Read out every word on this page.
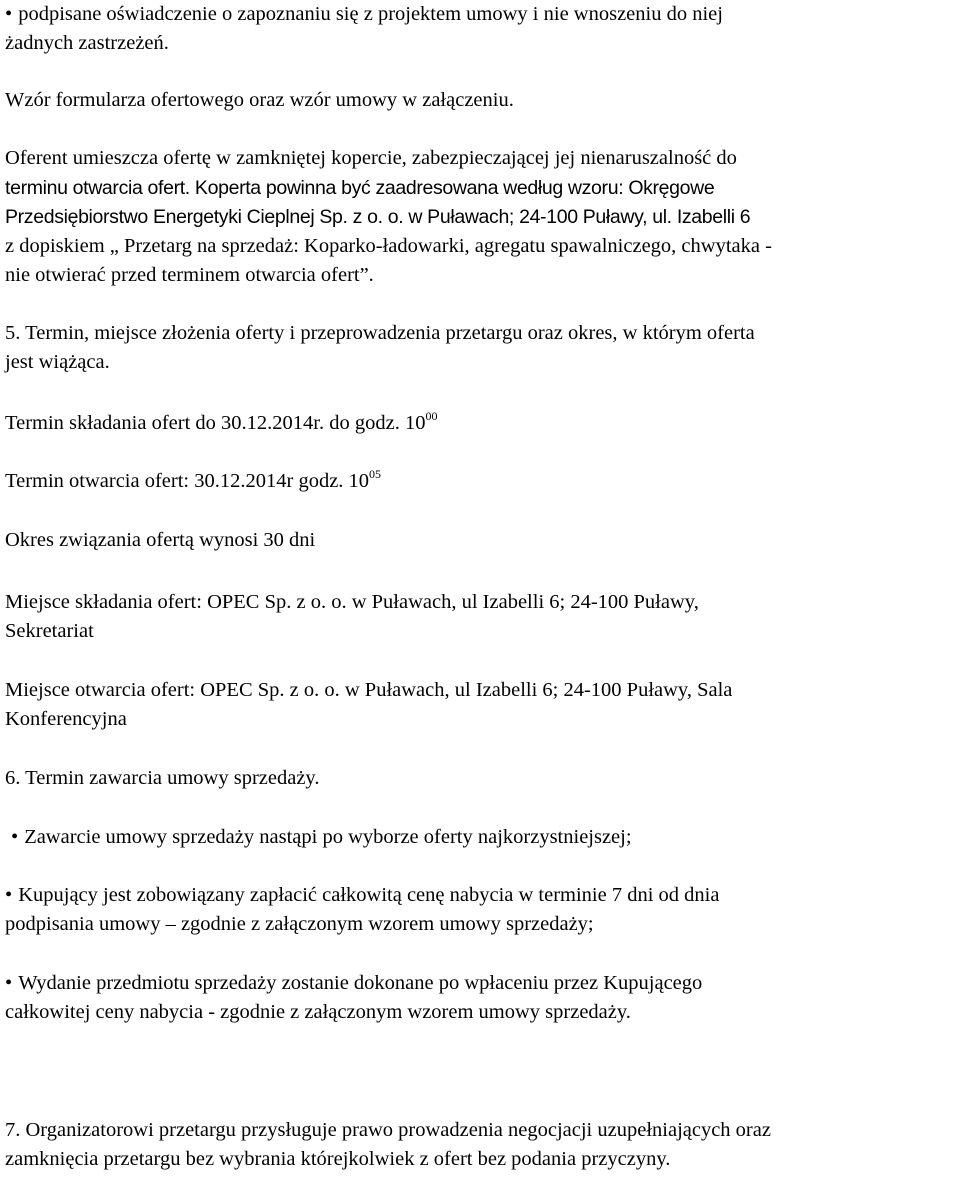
• podpisane oświadczenie o zapoznaniu się z projektem umowy i nie wnoszeniu do niej
żadnych zastrzeżeń.
Wzór formularza ofertowego oraz wzór umowy w załączeniu.
Oferent umieszcza ofertę w zamkniętej kopercie, zabezpieczającej jej nienaruszalność do
terminu otwarcia ofert. Koperta powinna być zaadresowana według wzoru: Okręgowe
Przedsiębiorstwo Energetyki Cieplnej Sp. z o. o. w Puławach; 24-100 Puławy, ul. Izabelli 6
z dopiskiem „ Przetarg na sprzedaż: Koparko-ładowarki, agregatu spawalniczego, chwytaka -
nie otwierać przed terminem otwarcia ofert”.
5. Termin, miejsce złożenia oferty i przeprowadzenia przetargu oraz okres, w którym oferta
jest wiążąca.
Termin składania ofert do 30.12.2014r. do godz. $10^{00}$
Termin otwarcia ofert: 30.12.2014r godz. $10^{05}$
Okres związania ofertą wynosi 30 dni
Miejsce składania ofert: OPEC Sp. z o. o. w Puławach, ul Izabelli 6; 24-100 Puławy,
Sekretariat
Miejsce otwarcia ofert: OPEC Sp. z o. o. w Puławach, ul Izabelli 6; 24-100 Puławy, Sala
Konferencyjna
6. Termin zawarcia umowy sprzedaży.
• Zawarcie umowy sprzedaży nastąpi po wyborze oferty najkorzystniejszej;
• Kupujący jest zobowiązany zapłacić całkowitą cenę nabycia w terminie 7 dni od dnia
podpisania umowy – zgodnie z załączonym wzorem umowy sprzedaży;
• Wydanie przedmiotu sprzedaży zostanie dokonane po wpłaceniu przez Kupującego
całkowitej ceny nabycia - zgodnie z załączonym wzorem umowy sprzedaży.
7. Organizatorowi przetargu przysługuje prawo prowadzenia negocjacji uzupełniających oraz
zamknięcia przetargu bez wybrania którejkolwiek z ofert bez podania przyczyny.
